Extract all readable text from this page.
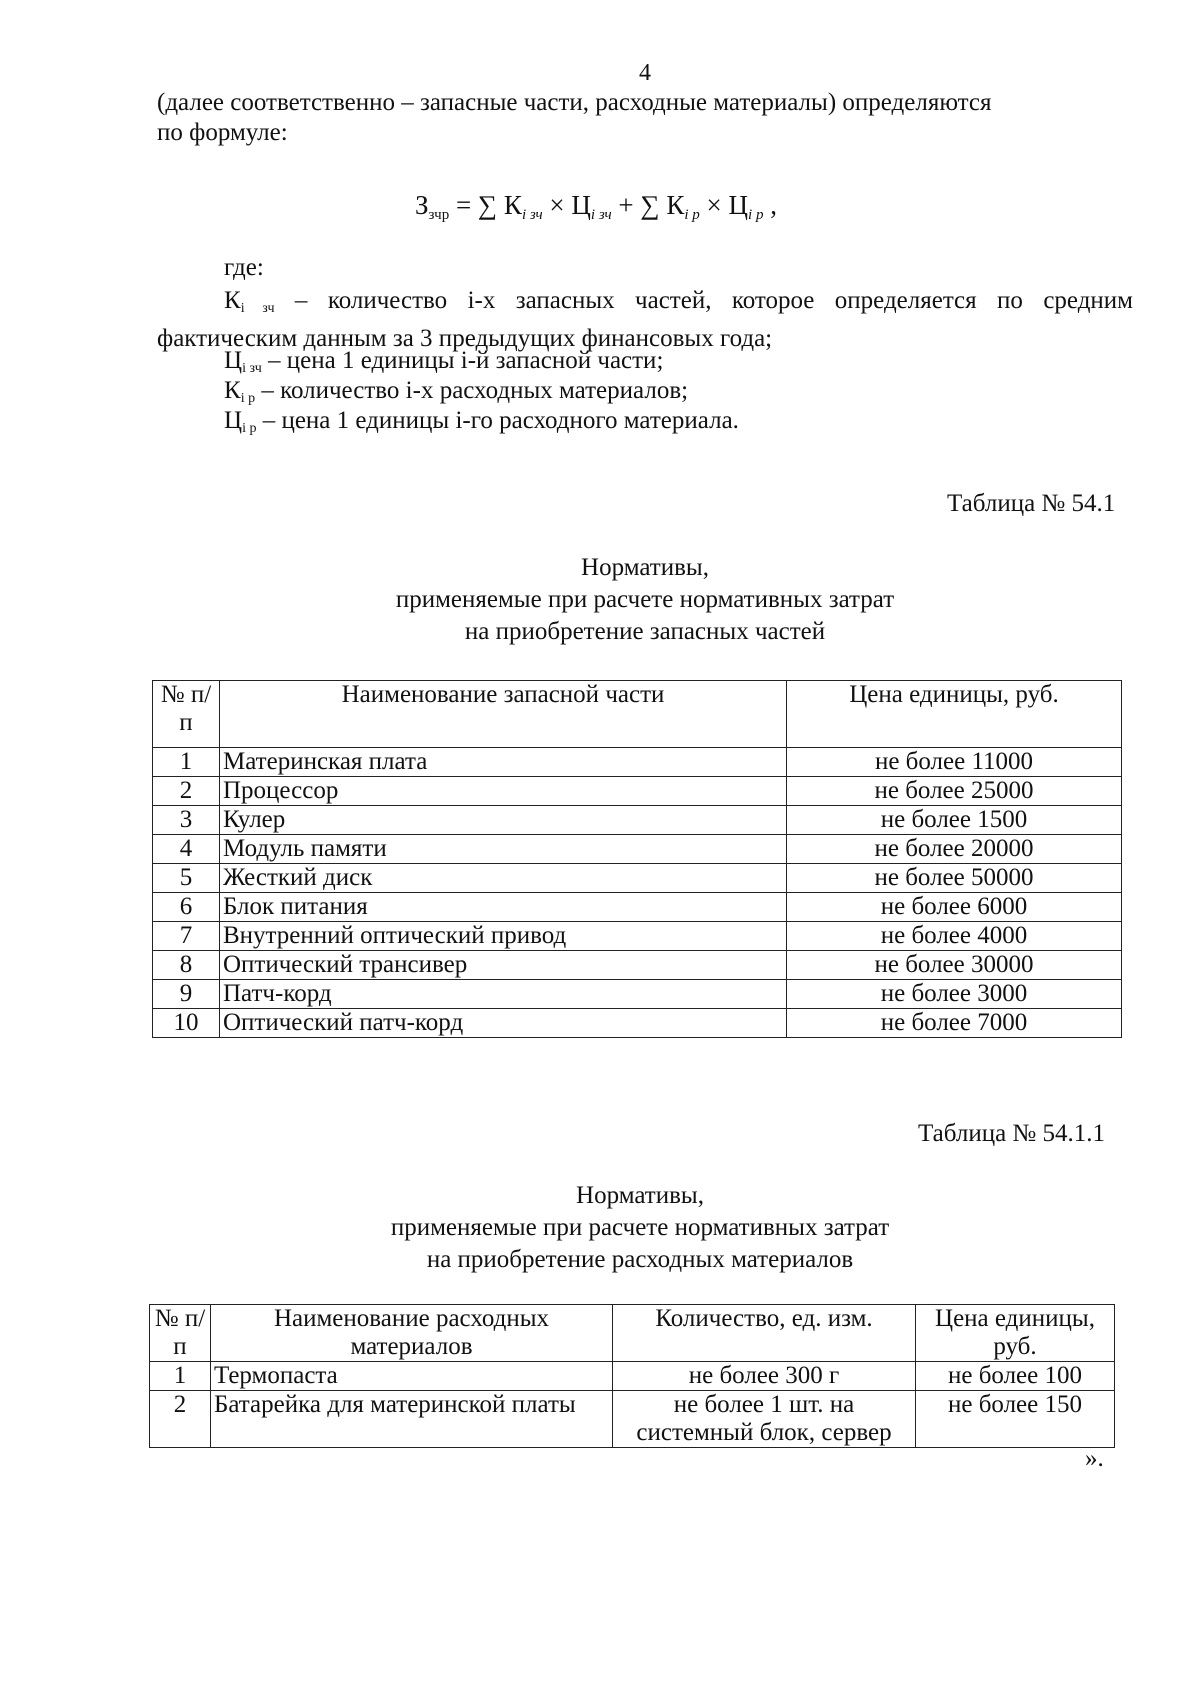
4
(далее соответственно – запасные части, расходные материалы) определяются
по формуле:
$З_{зчр}$ = ∑ $К_{i зч} \times Ц_{i зч}$ + ∑ $К_{i p} \times Ц_{i p}$ ,
где:
$К_{i зч}$ – количество i-х запасных частей, которое определяется по средним фактическим данным за 3 предыдущих финансовых года;
$Ц_{i зч}$ – цена 1 единицы i-й запасной части;
$К_{i р}$ – количество i-х расходных материалов;
$Ц_{i р}$ – цена 1 единицы i-го расходного материала.
Таблица № 54.1
Нормативы,
применяемые при расчете нормативных затрат
на приобретение запасных частей
№ п/п	Наименование запасной части	Цена единицы, руб.
1	Материнская плата	не более 11000
2	Процессор	не более 25000
3	Кулер	не более 1500
4	Модуль памяти	не более 20000
5	Жесткий диск	не более 50000
6	Блок питания	не более 6000
7	Внутренний оптический привод	не более 4000
8	Оптический трансивер	не более 30000
9	Патч-корд	не более 3000
10	Оптический патч-корд	не более 7000
Таблица № 54.1.1
Нормативы,
применяемые при расчете нормативных затрат
на приобретение расходных материалов
№ п/п	Наименование расходных материалов	Количество, ед. изм.	Цена единицы, руб.
1	Термопаста	не более 300 г	не более 100
2	Батарейка для материнской платы	не более 1 шт. на системный блок, сервер	не более 150
».
